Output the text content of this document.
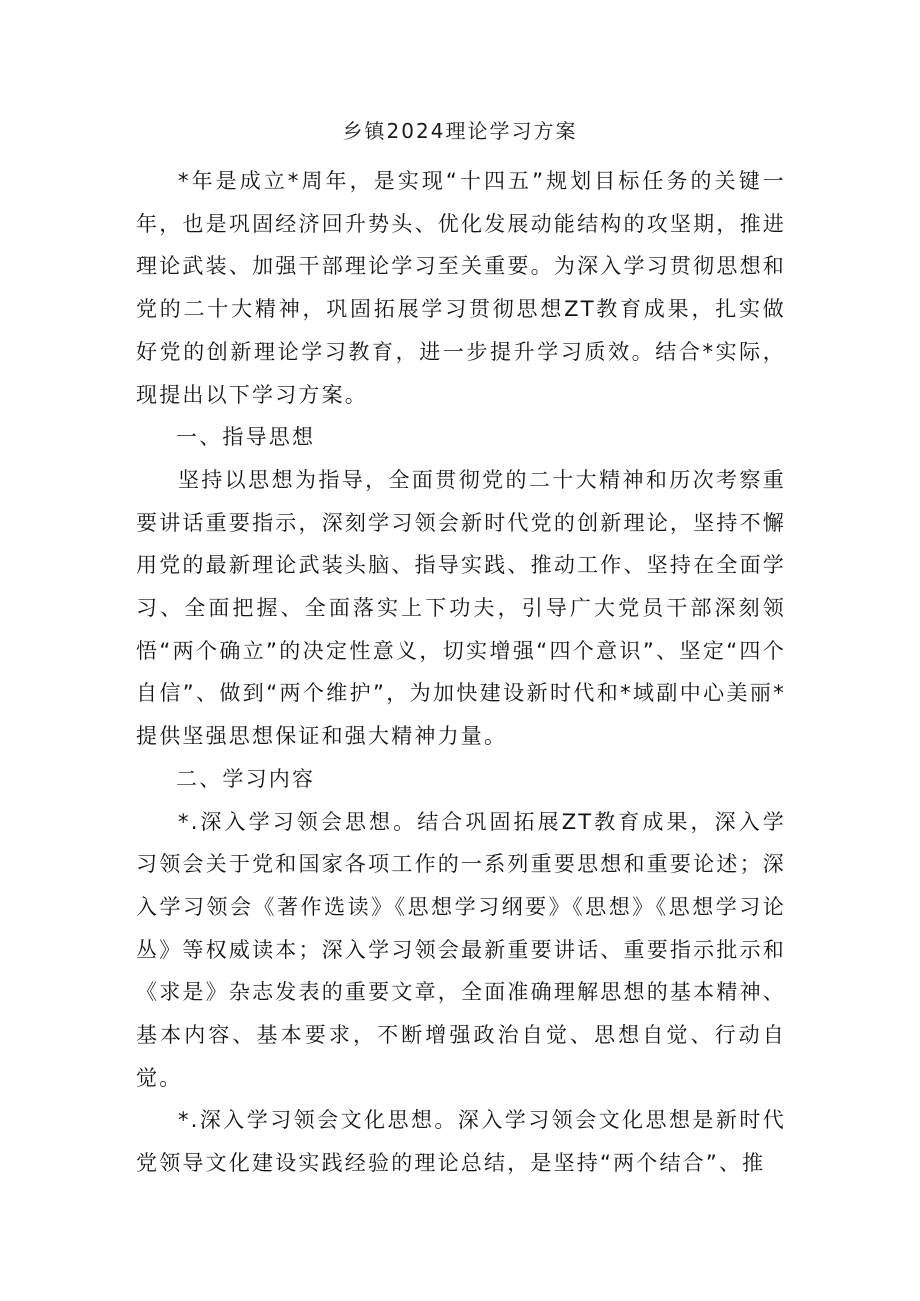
乡镇2024理论学习方案

*年是成立*周年，是实现“十四五”规划目标任务的关键一年，也是巩固经济回升势头、优化发展动能结构的攻坚期，推进理论武装、加强干部理论学习至关重要。为深入学习贯彻思想和党的二十大精神，巩固拓展学习贯彻思想ZT教育成果，扎实做好党的创新理论学习教育，进一步提升学习质效。结合*实际，现提出以下学习方案。

一、指导思想

坚持以思想为指导，全面贯彻党的二十大精神和历次考察重要讲话重要指示，深刻学习领会新时代党的创新理论，坚持不懈用党的最新理论武装头脑、指导实践、推动工作、坚持在全面学习、全面把握、全面落实上下功夫，引导广大党员干部深刻领悟“两个确立”的决定性意义，切实增强“四个意识”、坚定“四个自信”、做到“两个维护”，为加快建设新时代和*域副中心美丽*提供坚强思想保证和强大精神力量。

二、学习内容

*.深入学习领会思想。结合巩固拓展ZT教育成果，深入学习领会关于党和国家各项工作的一系列重要思想和重要论述；深入学习领会《著作选读》《思想学习纲要》《思想》《思想学习论丛》等权威读本；深入学习领会最新重要讲话、重要指示批示和《求是》杂志发表的重要文章，全面准确理解思想的基本精神、基本内容、基本要求，不断增强政治自觉、思想自觉、行动自觉。

*.深入学习领会文化思想。深入学习领会文化思想是新时代党领导文化建设实践经验的理论总结，是坚持“两个结合”、推
